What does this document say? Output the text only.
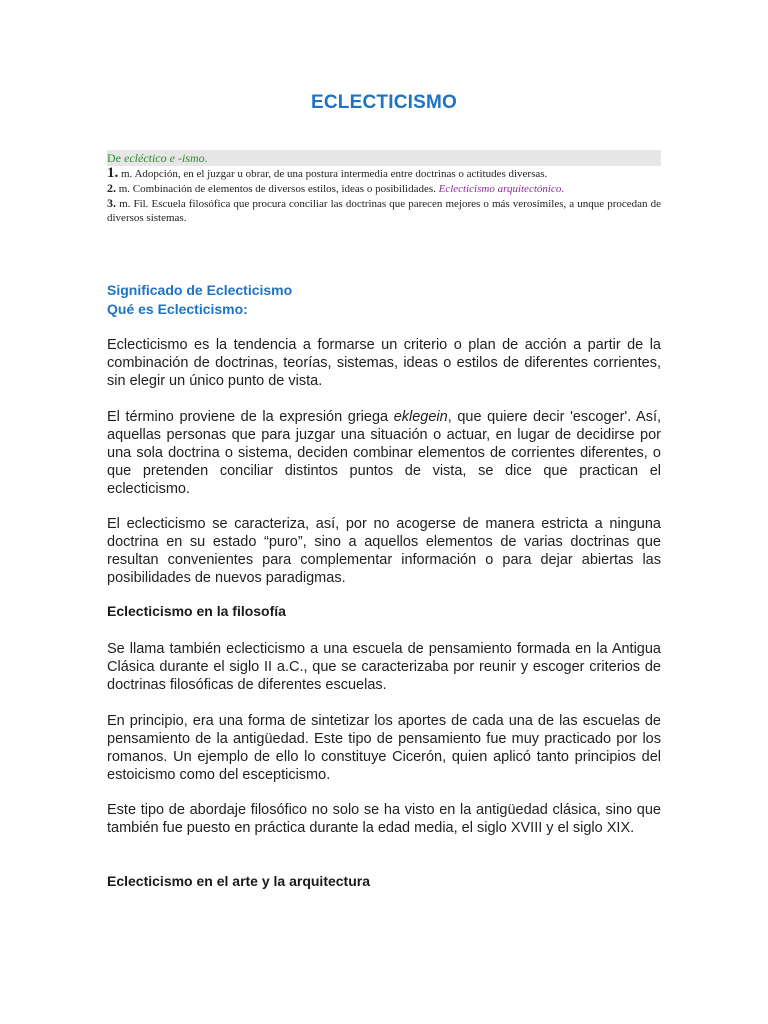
ECLECTICISMO
De ecléctico e -ismo.

1. m. Adopción, en el juzgar u obrar, de una postura intermedia entre doctrinas o actitudes diversas.

2. m. Combinación de elementos de diversos estilos, ideas o posibilidades. Eclecticismo arquitectónico.

3. m. Fil. Escuela filosófica que procura conciliar las doctrinas que parecen mejores o más verosímiles, a unque procedan de diversos sistemas.

Significado de Eclecticismo
Qué es Eclecticismo:
Eclecticismo es la tendencia a formarse un criterio o plan de acción a partir de la combinación de doctrinas, teorías, sistemas, ideas o estilos de diferentes corrientes, sin elegir un único punto de vista.
El término proviene de la expresión griega eklegein, que quiere decir 'escoger'. Así, aquellas personas que para juzgar una situación o actuar, en lugar de decidirse por una sola doctrina o sistema, deciden combinar elementos de corrientes diferentes, o que pretenden conciliar distintos puntos de vista, se dice que practican el eclecticismo.
El eclecticismo se caracteriza, así, por no acogerse de manera estricta a ninguna doctrina en su estado “puro”, sino a aquellos elementos de varias doctrinas que resultan convenientes para complementar información o para dejar abiertas las posibilidades de nuevos paradigmas.
Eclecticismo en la filosofía
Se llama también eclecticismo a una escuela de pensamiento formada en la Antigua Clásica durante el siglo II a.C., que se caracterizaba por reunir y escoger criterios de doctrinas filosóficas de diferentes escuelas.
En principio, era una forma de sintetizar los aportes de cada una de las escuelas de pensamiento de la antigüedad. Este tipo de pensamiento fue muy practicado por los romanos. Un ejemplo de ello lo constituye Cicerón, quien aplicó tanto principios del estoicismo como del escepticismo.
Este tipo de abordaje filosófico no solo se ha visto en la antigüedad clásica, sino que también fue puesto en práctica durante la edad media, el siglo XVIII y el siglo XIX.
Eclecticismo en el arte y la arquitectura
